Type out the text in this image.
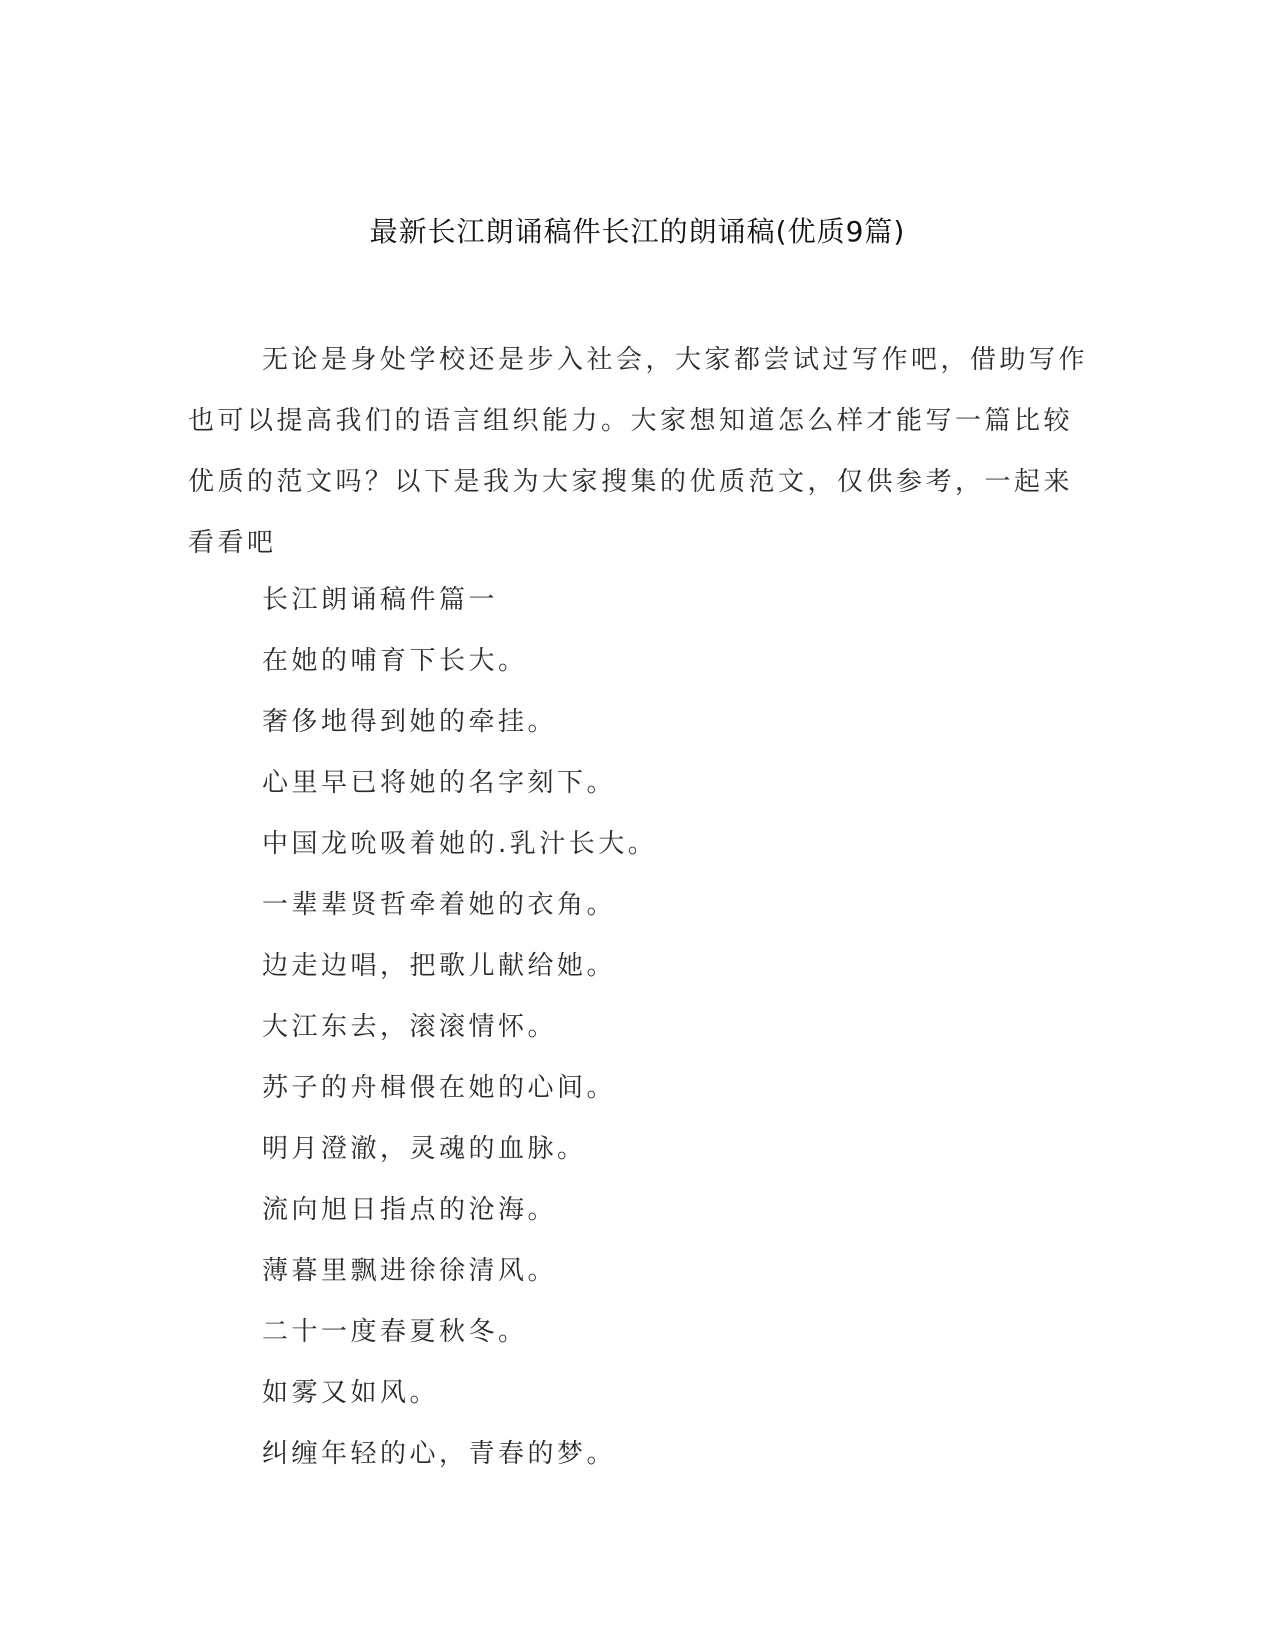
最新长江朗诵稿件长江的朗诵稿(优质9篇)
无论是身处学校还是步入社会，大家都尝试过写作吧，借助写作
也可以提高我们的语言组织能力。大家想知道怎么样才能写一篇比较
优质的范文吗？以下是我为大家搜集的优质范文，仅供参考，一起来
看看吧
长江朗诵稿件篇一
在她的哺育下长大。
奢侈地得到她的牵挂。
心里早已将她的名字刻下。
中国龙吮吸着她的.乳汁长大。
一辈辈贤哲牵着她的衣角。
边走边唱，把歌儿献给她。
大江东去，滚滚情怀。
苏子的舟楫偎在她的心间。
明月澄澈，灵魂的血脉。
流向旭日指点的沧海。
薄暮里飘进徐徐清风。
二十一度春夏秋冬。
如雾又如风。
纠缠年轻的心，青春的梦。
